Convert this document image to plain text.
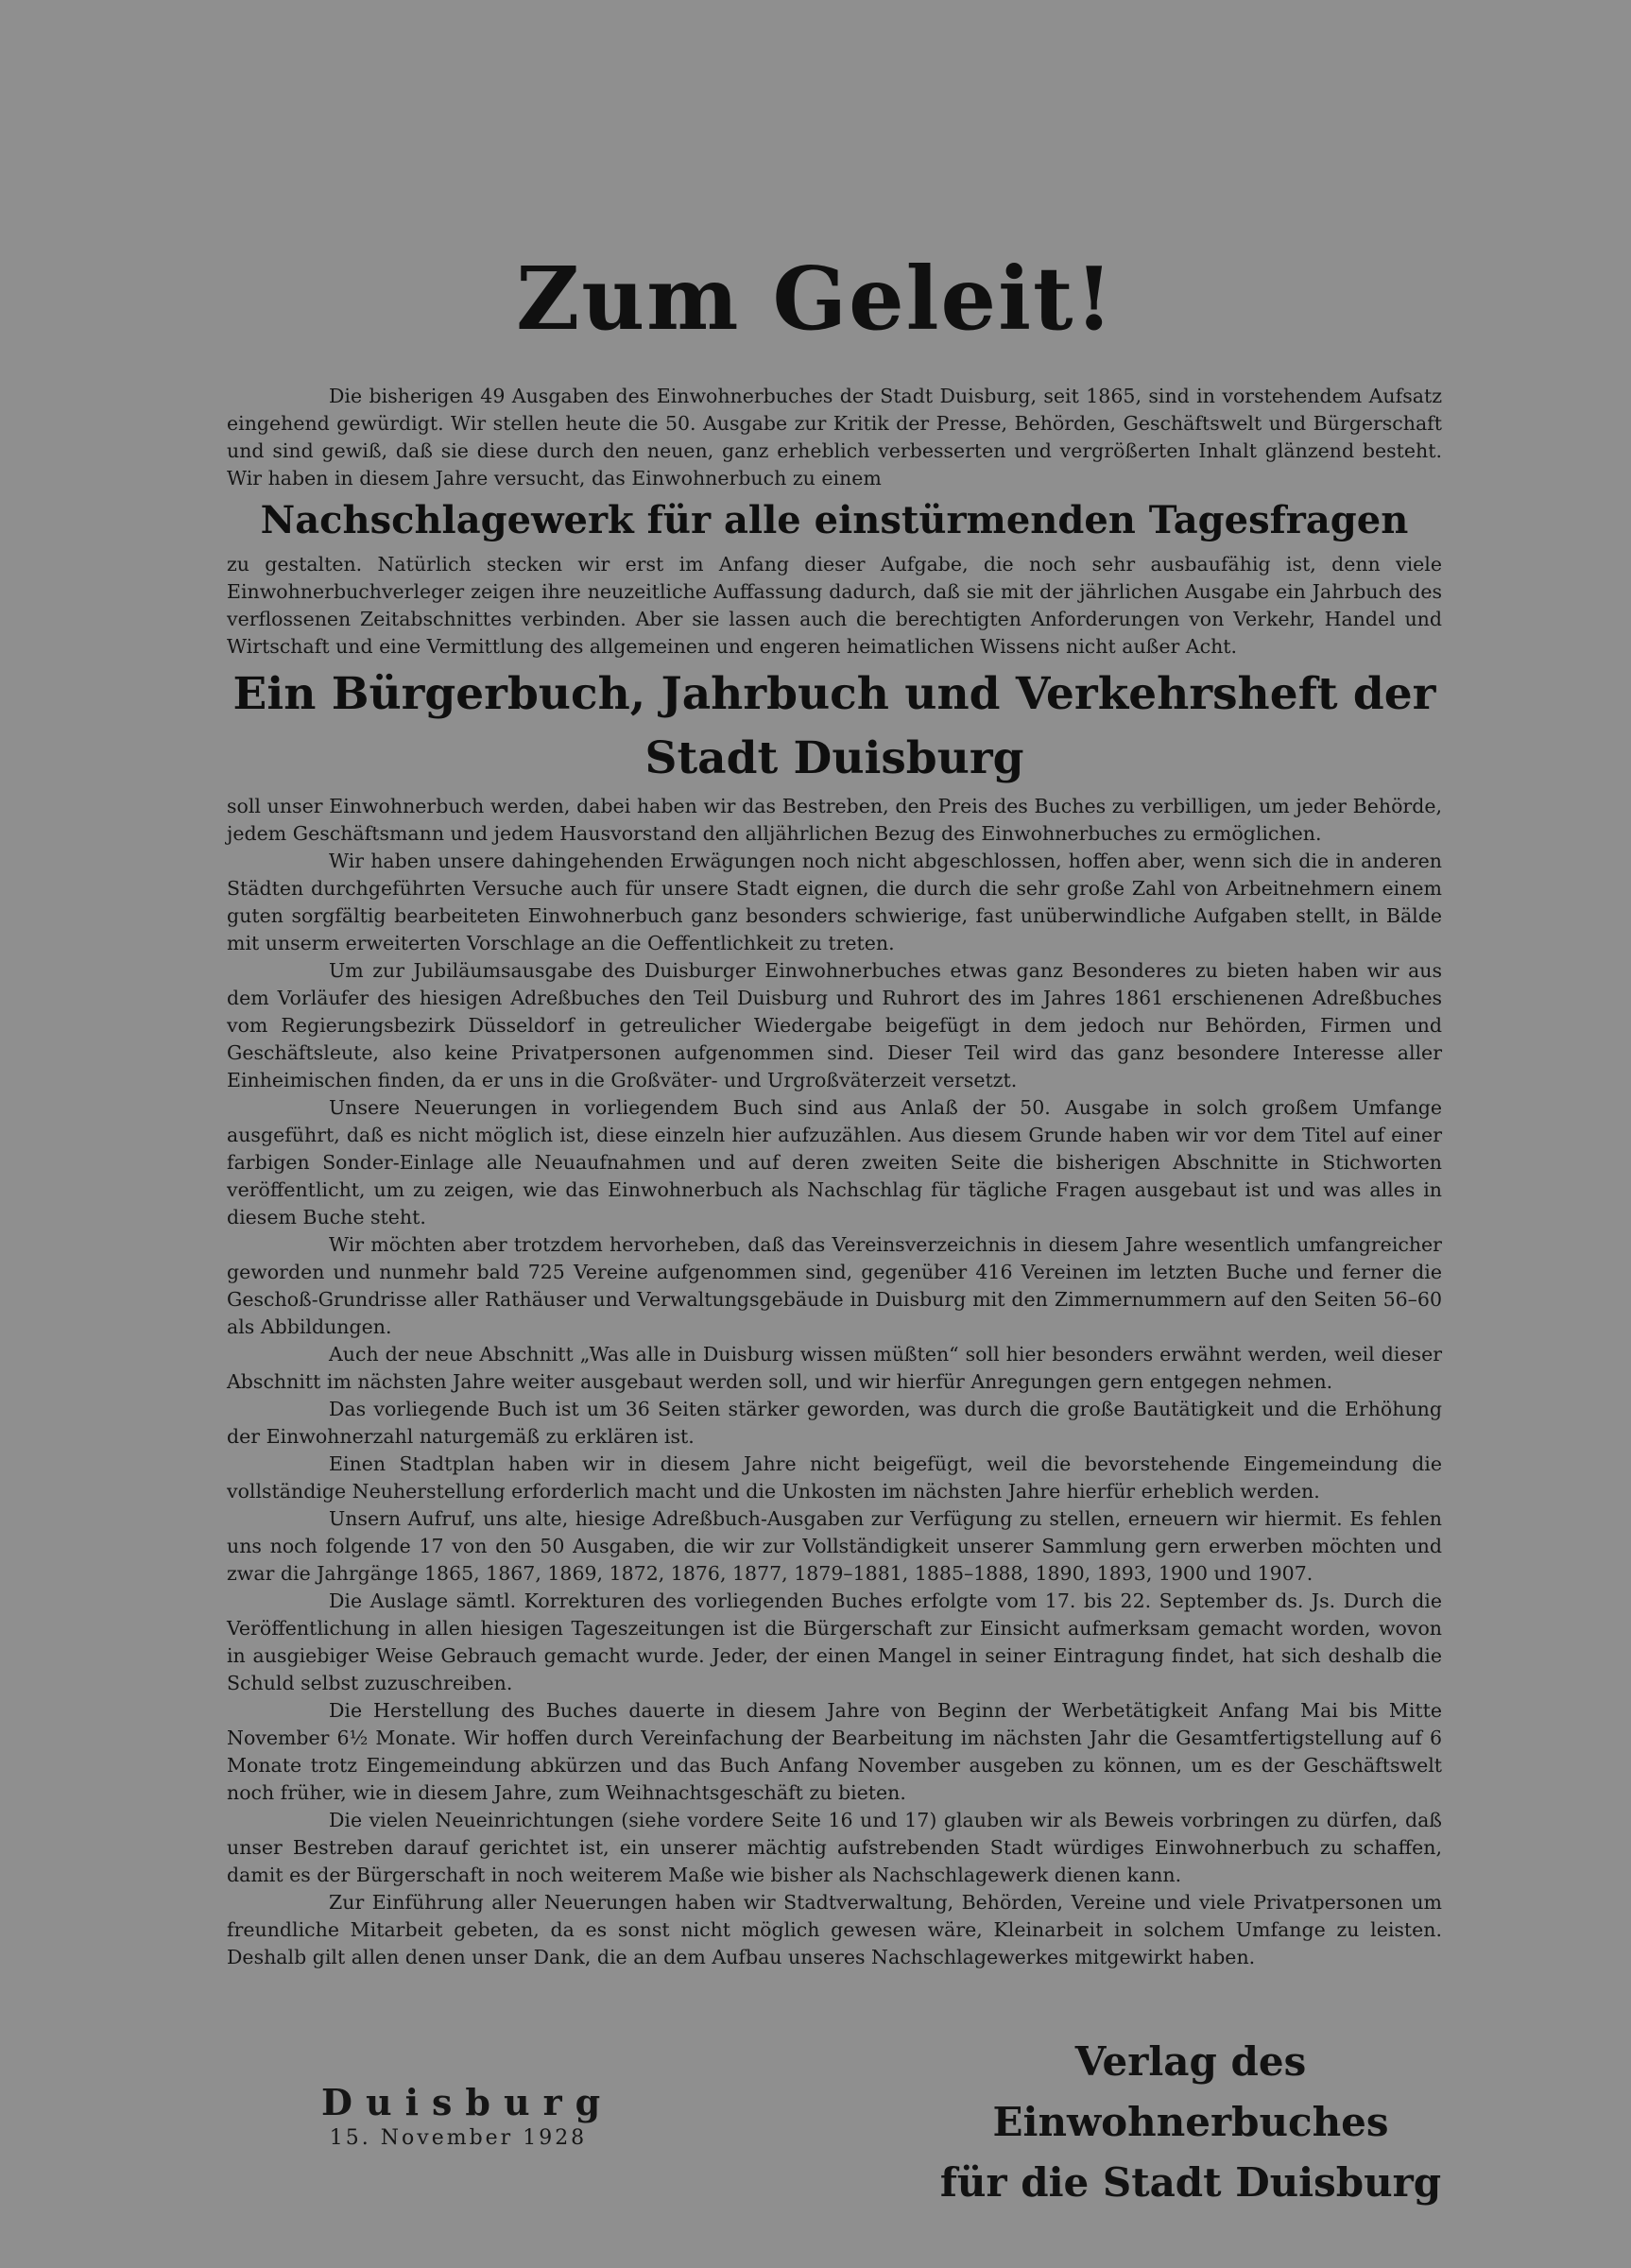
Zum Geleit!

Die bisherigen 49 Ausgaben des Einwohnerbuches der Stadt Duisburg, seit 1865, sind in vorstehendem Aufsatz eingehend gewürdigt. Wir stellen heute die 50. Ausgabe zur Kritik der Presse, Behörden, Geschäftswelt und Bürgerschaft und sind gewiß, daß sie diese durch den neuen, ganz erheblich verbesserten und vergrößerten Inhalt glänzend besteht. Wir haben in diesem Jahre versucht, das Einwohnerbuch zu einem

Nachschlagewerk für alle einstürmenden Tagesfragen

zu gestalten. Natürlich stecken wir erst im Anfang dieser Aufgabe, die noch sehr ausbaufähig ist, denn viele Einwohnerbuchverleger zeigen ihre neuzeitliche Auffassung dadurch, daß sie mit der jährlichen Ausgabe ein Jahrbuch des verflossenen Zeitabschnittes verbinden. Aber sie lassen auch die berechtigten Anforderungen von Verkehr, Handel und Wirtschaft und eine Vermittlung des allgemeinen und engeren heimatlichen Wissens nicht außer Acht.

Ein Bürgerbuch, Jahrbuch und Verkehrsheft der Stadt Duisburg

soll unser Einwohnerbuch werden, dabei haben wir das Bestreben, den Preis des Buches zu verbilligen, um jeder Behörde, jedem Geschäftsmann und jedem Hausvorstand den alljährlichen Bezug des Einwohnerbuches zu ermöglichen.

Wir haben unsere dahingehenden Erwägungen noch nicht abgeschlossen, hoffen aber, wenn sich die in anderen Städten durchgeführten Versuche auch für unsere Stadt eignen, die durch die sehr große Zahl von Arbeitnehmern einem guten sorgfältig bearbeiteten Einwohnerbuch ganz besonders schwierige, fast unüberwindliche Aufgaben stellt, in Bälde mit unserm erweiterten Vorschlage an die Oeffentlichkeit zu treten.

Um zur Jubiläumsausgabe des Duisburger Einwohnerbuches etwas ganz Besonderes zu bieten haben wir aus dem Vorläufer des hiesigen Adreßbuches den Teil Duisburg und Ruhrort des im Jahres 1861 erschienenen Adreßbuches vom Regierungsbezirk Düsseldorf in getreulicher Wiedergabe beigefügt in dem jedoch nur Behörden, Firmen und Geschäftsleute, also keine Privatpersonen aufgenommen sind. Dieser Teil wird das ganz besondere Interesse aller Einheimischen finden, da er uns in die Großväter- und Urgroßväterzeit versetzt.

Unsere Neuerungen in vorliegendem Buch sind aus Anlaß der 50. Ausgabe in solch großem Umfange ausgeführt, daß es nicht möglich ist, diese einzeln hier aufzuzählen. Aus diesem Grunde haben wir vor dem Titel auf einer farbigen Sonder-Einlage alle Neuaufnahmen und auf deren zweiten Seite die bisherigen Abschnitte in Stichworten veröffentlicht, um zu zeigen, wie das Einwohnerbuch als Nachschlag für tägliche Fragen ausgebaut ist und was alles in diesem Buche steht.

Wir möchten aber trotzdem hervorheben, daß das Vereinsverzeichnis in diesem Jahre wesentlich umfangreicher geworden und nunmehr bald 725 Vereine aufgenommen sind, gegenüber 416 Vereinen im letzten Buche und ferner die Geschoß-Grundrisse aller Rathäuser und Verwaltungsgebäude in Duisburg mit den Zimmernummern auf den Seiten 56–60 als Abbildungen.

Auch der neue Abschnitt „Was alle in Duisburg wissen müßten“ soll hier besonders erwähnt werden, weil dieser Abschnitt im nächsten Jahre weiter ausgebaut werden soll, und wir hierfür Anregungen gern entgegen nehmen.

Das vorliegende Buch ist um 36 Seiten stärker geworden, was durch die große Bautätigkeit und die Erhöhung der Einwohnerzahl naturgemäß zu erklären ist.

Einen Stadtplan haben wir in diesem Jahre nicht beigefügt, weil die bevorstehende Eingemeindung die vollständige Neuherstellung erforderlich macht und die Unkosten im nächsten Jahre hierfür erheblich werden.

Unsern Aufruf, uns alte, hiesige Adreßbuch-Ausgaben zur Verfügung zu stellen, erneuern wir hiermit. Es fehlen uns noch folgende 17 von den 50 Ausgaben, die wir zur Vollständigkeit unserer Sammlung gern erwerben möchten und zwar die Jahrgänge 1865, 1867, 1869, 1872, 1876, 1877, 1879–1881, 1885–1888, 1890, 1893, 1900 und 1907.

Die Auslage sämtl. Korrekturen des vorliegenden Buches erfolgte vom 17. bis 22. September ds. Js. Durch die Veröffentlichung in allen hiesigen Tageszeitungen ist die Bürgerschaft zur Einsicht aufmerksam gemacht worden, wovon in ausgiebiger Weise Gebrauch gemacht wurde. Jeder, der einen Mangel in seiner Eintragung findet, hat sich deshalb die Schuld selbst zuzuschreiben.

Die Herstellung des Buches dauerte in diesem Jahre von Beginn der Werbetätigkeit Anfang Mai bis Mitte November 6½ Monate. Wir hoffen durch Vereinfachung der Bearbeitung im nächsten Jahr die Gesamtfertigstellung auf 6 Monate trotz Eingemeindung abkürzen und das Buch Anfang November ausgeben zu können, um es der Geschäftswelt noch früher, wie in diesem Jahre, zum Weihnachtsgeschäft zu bieten.

Die vielen Neueinrichtungen (siehe vordere Seite 16 und 17) glauben wir als Beweis vorbringen zu dürfen, daß unser Bestreben darauf gerichtet ist, ein unserer mächtig aufstrebenden Stadt würdiges Einwohnerbuch zu schaffen, damit es der Bürgerschaft in noch weiterem Maße wie bisher als Nachschlagewerk dienen kann.

Zur Einführung aller Neuerungen haben wir Stadtverwaltung, Behörden, Vereine und viele Privatpersonen um freundliche Mitarbeit gebeten, da es sonst nicht möglich gewesen wäre, Kleinarbeit in solchem Umfange zu leisten. Deshalb gilt allen denen unser Dank, die an dem Aufbau unseres Nachschlagewerkes mitgewirkt haben.

Duisburg
15. November 1928
Verlag des Einwohnerbuches
für die Stadt Duisburg
